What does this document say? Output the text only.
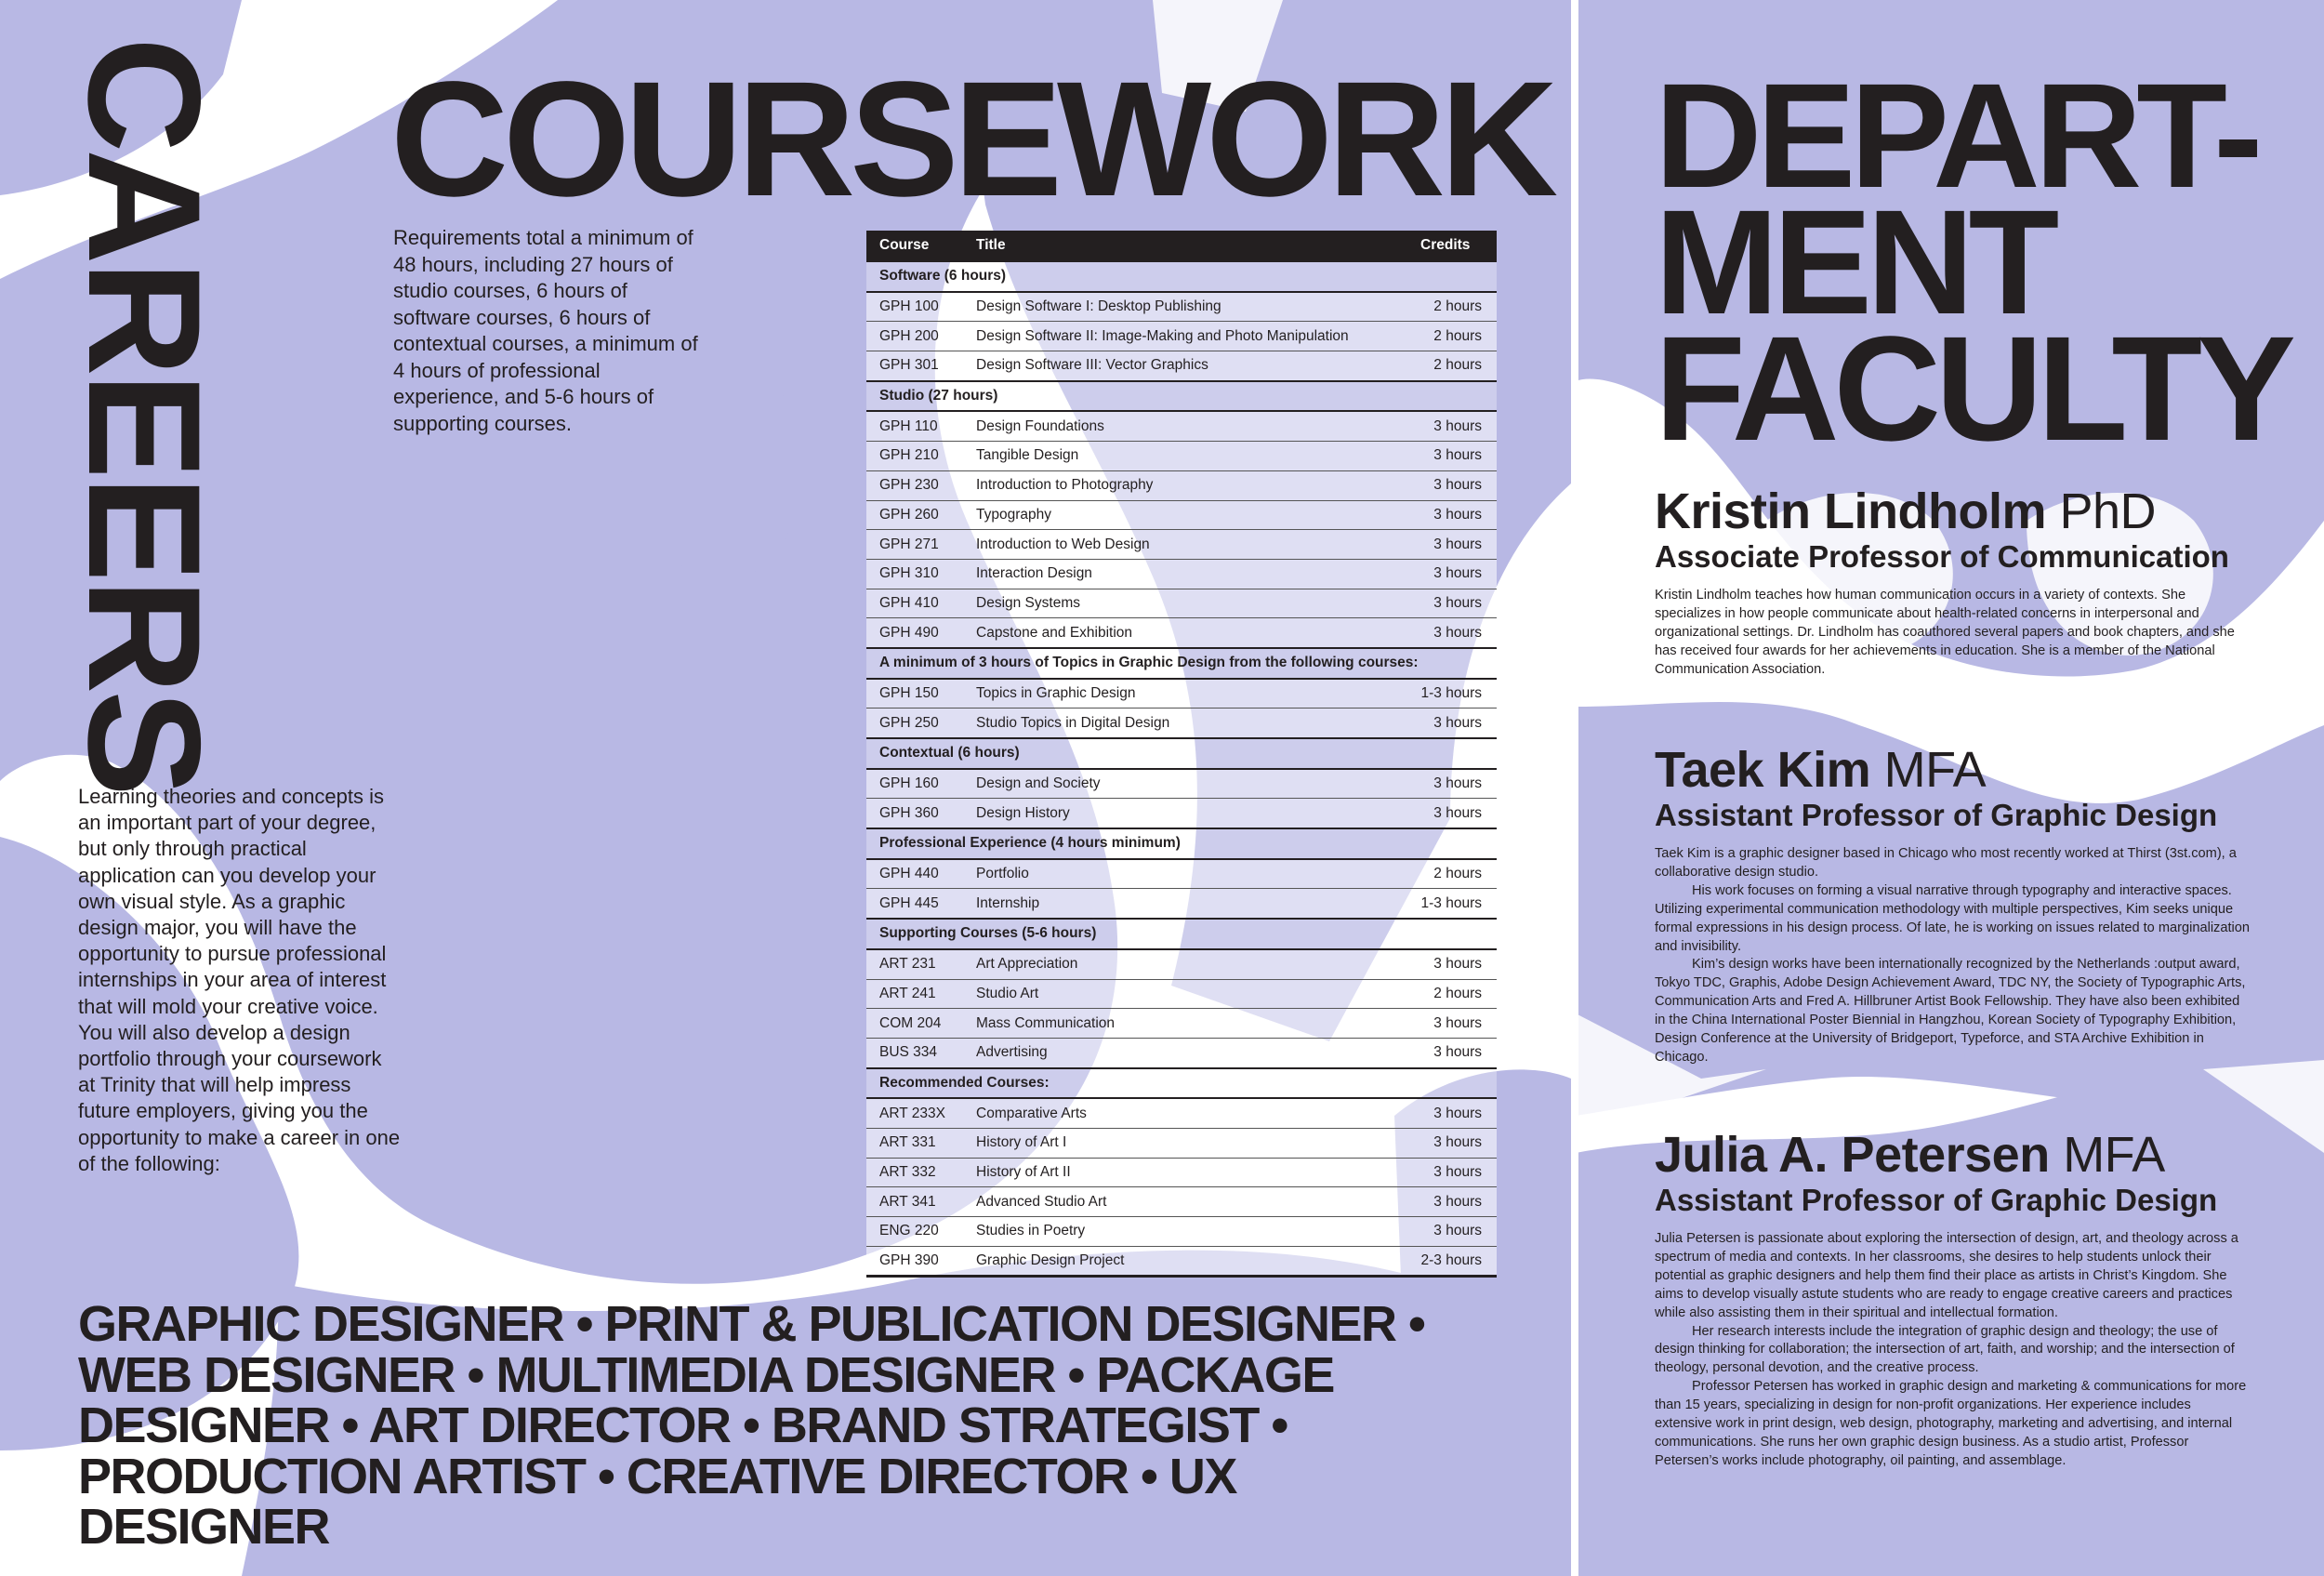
CAREERS

Learning theories and concepts is an important part of your degree, but only through practical application can you develop your own visual style. As a graphic design major, you will have the opportunity to pursue professional internships in your area of interest that will mold your creative voice. You will also develop a design portfolio through your coursework at Trinity that will help impress future employers, giving you the opportunity to make a career in one of the following:

GRAPHIC DESIGNER • PRINT & PUBLICATION DESIGNER • WEB DESIGNER • MULTIMEDIA DESIGNER • PACKAGE DESIGNER • ART DIRECTOR • BRAND STRATEGIST • PRODUCTION ARTIST • CREATIVE DIRECTOR • UX DESIGNER

COURSEWORK

Requirements total a minimum of 48 hours, including 27 hours of studio courses, 6 hours of software courses, 6 hours of contextual courses, a minimum of 4 hours of professional experience, and 5-6 hours of supporting courses.

Course	Title	Credits
Software (6 hours)		
GPH 100	Design Software I: Desktop Publishing	2 hours
GPH 200	Design Software II: Image-Making and Photo Manipulation	2 hours
GPH 301	Design Software III: Vector Graphics	2 hours
Studio (27 hours)		
GPH 110	Design Foundations	3 hours
GPH 210	Tangible Design	3 hours
GPH 230	Introduction to Photography	3 hours
GPH 260	Typography	3 hours
GPH 271	Introduction to Web Design	3 hours
GPH 310	Interaction Design	3 hours
GPH 410	Design Systems	3 hours
GPH 490	Capstone and Exhibition	3 hours
A minimum of 3 hours of Topics in Graphic Design from the following courses:		
GPH 150	Topics in Graphic Design	1-3 hours
GPH 250	Studio Topics in Digital Design	3 hours
Contextual (6 hours)		
GPH 160	Design and Society	3 hours
GPH 360	Design History	3 hours
Professional Experience (4 hours minimum)		
GPH 440	Portfolio	2 hours
GPH 445	Internship	1-3 hours
Supporting Courses (5-6 hours)		
ART 231	Art Appreciation	3 hours
ART 241	Studio Art	2 hours
COM 204	Mass Communication	3 hours
BUS 334	Advertising	3 hours
Recommended Courses:		
ART 233X	Comparative Arts	3 hours
ART 331	History of Art I	3 hours
ART 332	History of Art II	3 hours
ART 341	Advanced Studio Art	3 hours
ENG 220	Studies in Poetry	3 hours
GPH 390	Graphic Design Project	2-3 hours
DEPART-
MENT
FACULTY
Kristin Lindholm PhD
Associate Professor of Communication

Kristin Lindholm teaches how human communication occurs in a variety of contexts. She specializes in how people communicate about health-related concerns in interpersonal and organizational settings. Dr. Lindholm has coauthored several papers and book chapters, and she has received four awards for her achievements in education. She is a member of the National Communication Association.

Taek Kim MFA
Assistant Professor of Graphic Design

Taek Kim is a graphic designer based in Chicago who most recently worked at Thirst (3st.com), a collaborative design studio.

His work focuses on forming a visual narrative through typography and interactive spaces. Utilizing experimental communication methodology with multiple perspectives, Kim seeks unique formal expressions in his design process. Of late, he is working on issues related to marginalization and invisibility.

Kim’s design works have been internationally recognized by the Netherlands :output award, Tokyo TDC, Graphis, Adobe Design Achievement Award, TDC NY, the Society of Typographic Arts, Communication Arts and Fred A. Hillbruner Artist Book Fellowship. They have also been exhibited in the China International Poster Biennial in Hangzhou, Korean Society of Typography Exhibition, Design Conference at the University of Bridgeport, Typeforce, and STA Archive Exhibition in Chicago.

Julia A. Petersen MFA
Assistant Professor of Graphic Design

Julia Petersen is passionate about exploring the intersection of design, art, and theology across a spectrum of media and contexts. In her classrooms, she desires to help students unlock their potential as graphic designers and help them find their place as artists in Christ’s Kingdom. She aims to develop visually astute students who are ready to engage creative careers and practices while also assisting them in their spiritual and intellectual formation.

Her research interests include the integration of graphic design and theology; the use of design thinking for collaboration; the intersection of art, faith, and worship; and the intersection of theology, personal devotion, and the creative process.

Professor Petersen has worked in graphic design and marketing & communications for more than 15 years, specializing in design for non-profit organizations. Her experience includes extensive work in print design, web design, photography, marketing and advertising, and internal communications. She runs her own graphic design business. As a studio artist, Professor Petersen’s works include photography, oil painting, and assemblage.
